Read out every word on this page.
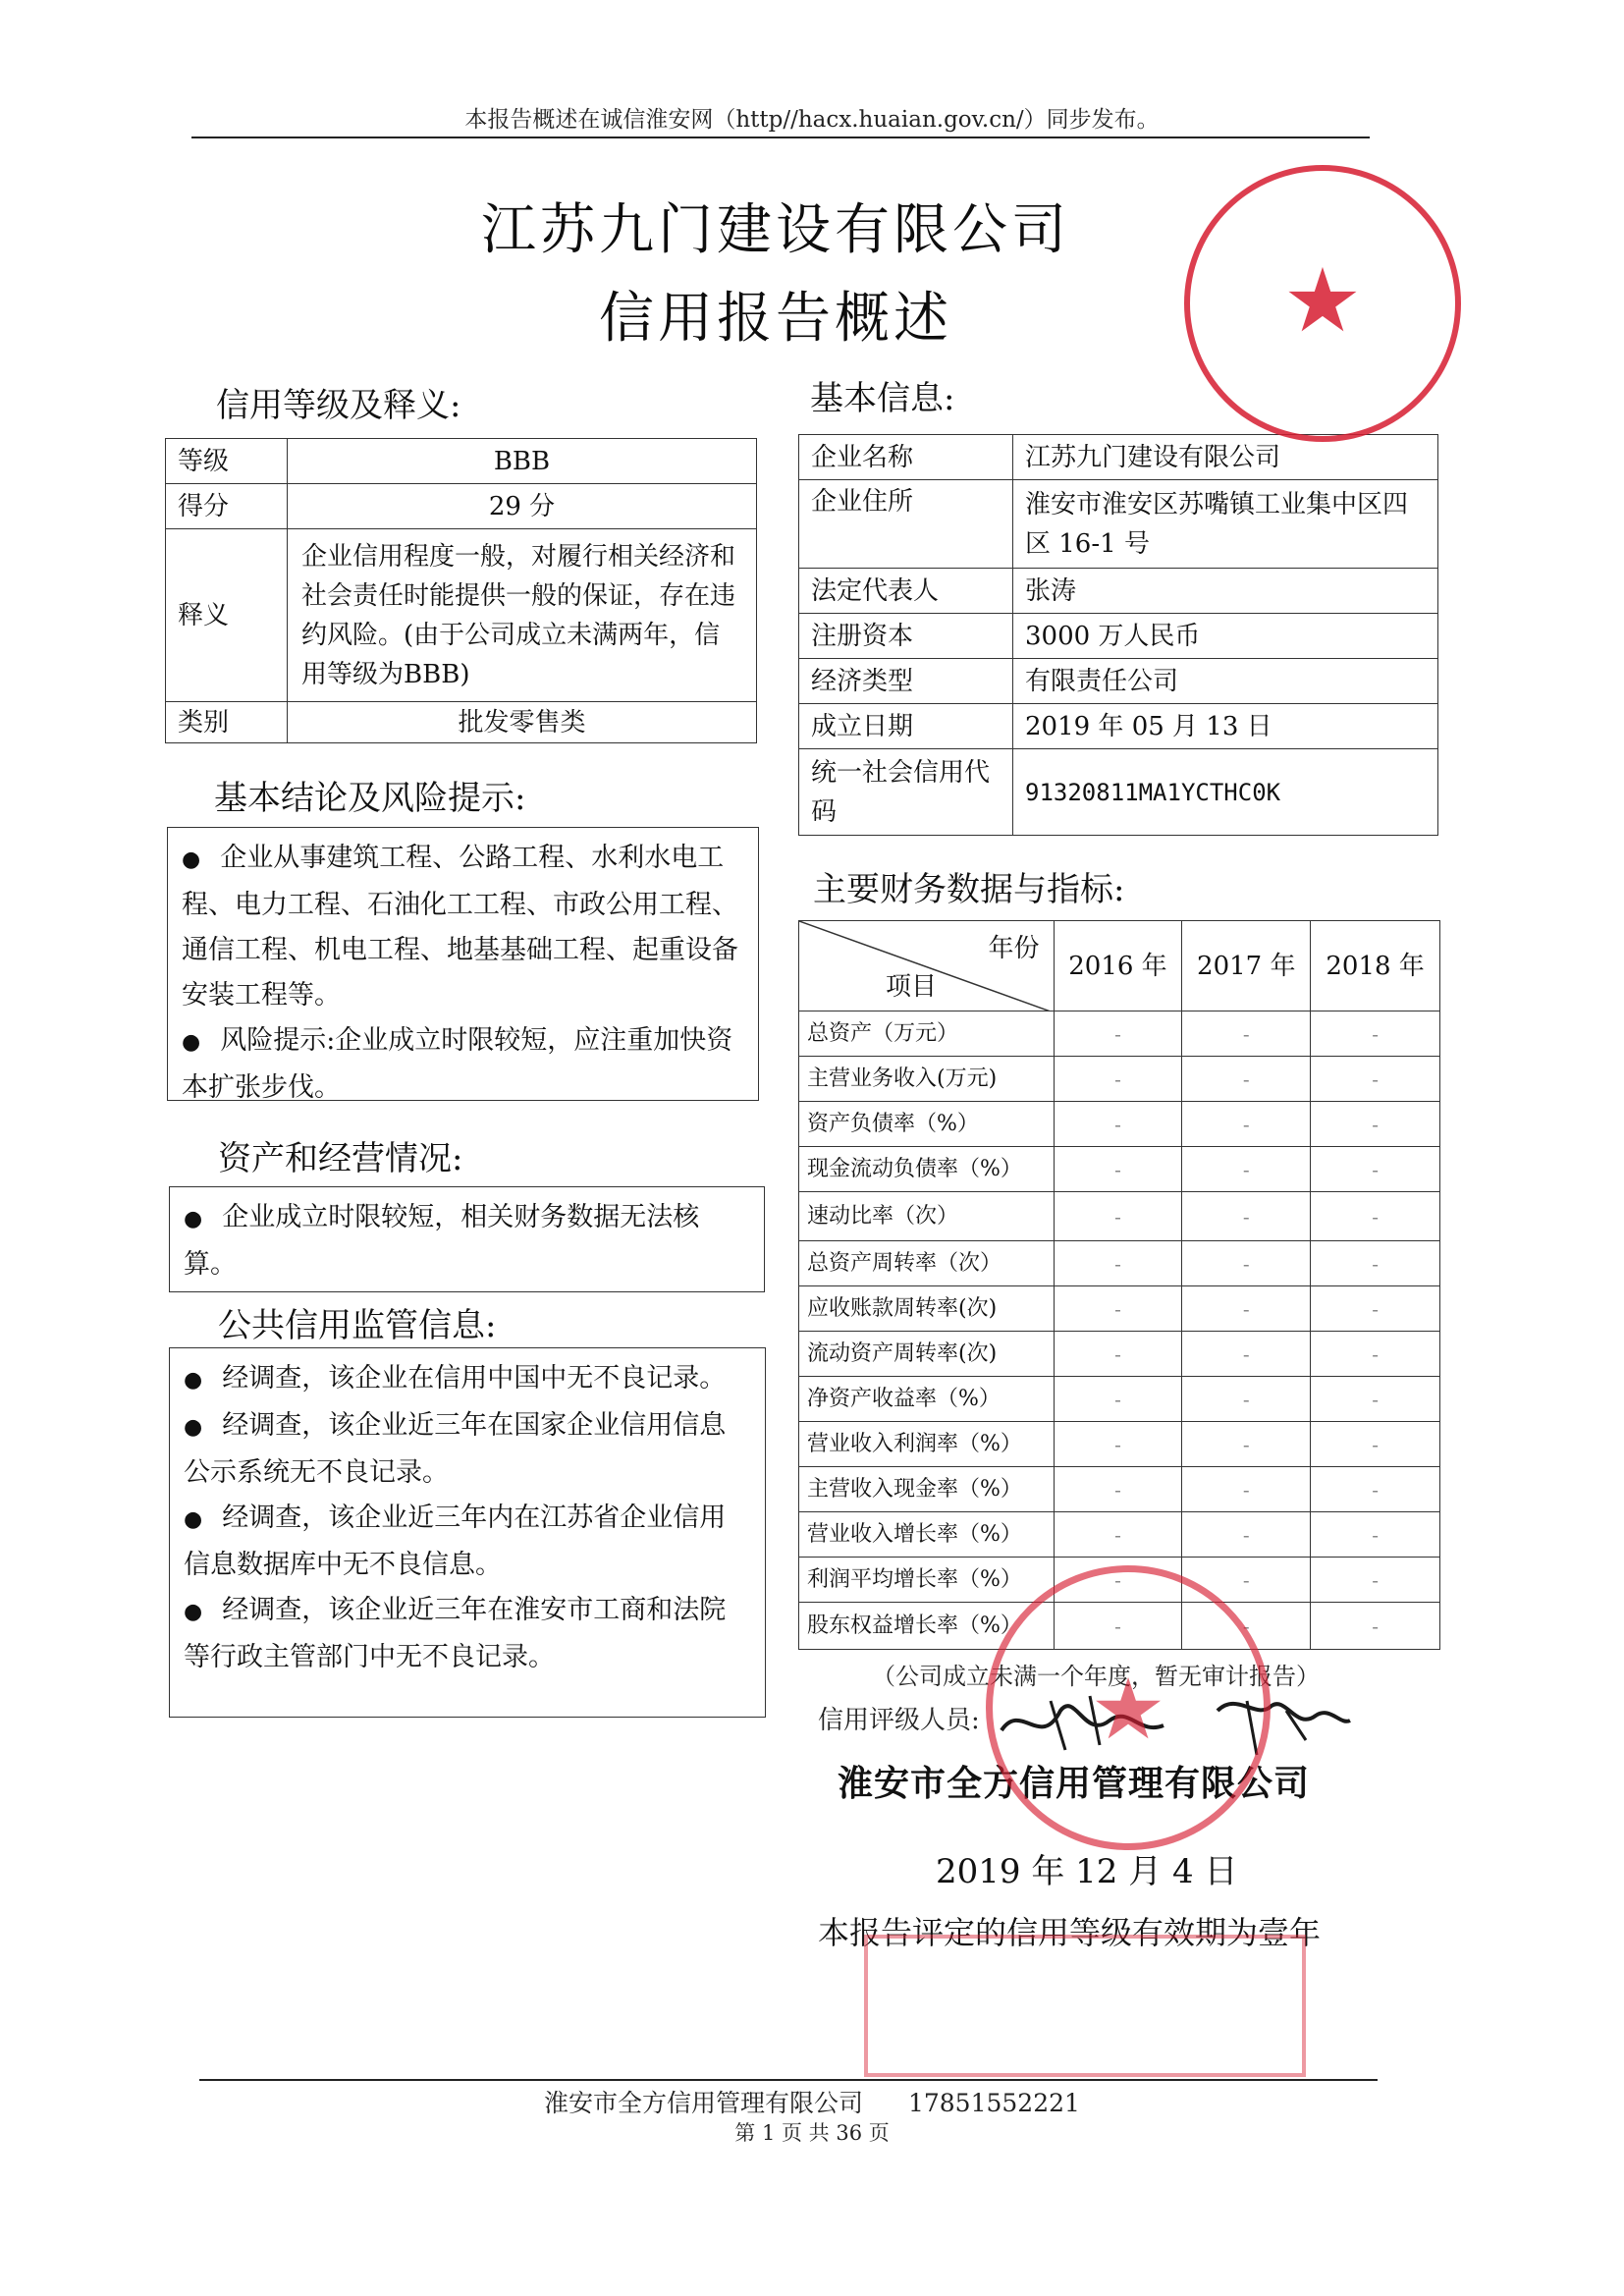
本报告概述在诚信淮安网（http//hacx.huaian.gov.cn/）同步发布。
江苏九门建设有限公司
信用报告概述
信用等级及释义:	基本信息:
等级	BBB
得分	29 分
释义	企业信用程度一般，对履行相关经济和社会责任时能提供一般的保证，存在违约风险。(由于公司成立未满两年，信用等级为BBB)
类别	批发零售类
企业名称	江苏九门建设有限公司
企业住所	淮安市淮安区苏嘴镇工业集中区四区 16-1 号
法定代表人	张涛
注册资本	3000 万人民币
经济类型	有限责任公司
成立日期	2019 年 05 月 13 日
统一社会信用代码	91320811MA1YCTHC0K
基本结论及风险提示:

● 企业从事建筑工程、公路工程、水利水电工程、电力工程、石油化工工程、市政公用工程、通信工程、机电工程、地基基础工程、起重设备安装工程等。

● 风险提示:企业成立时限较短，应注重加快资本扩张步伐。

主要财务数据与指标:
资产和经营情况:

● 企业成立时限较短，相关财务数据无法核算。

公共信用监管信息:

● 经调查，该企业在信用中国中无不良记录。

● 经调查，该企业近三年在国家企业信用信息公示系统无不良记录。

● 经调查，该企业近三年内在江苏省企业信用信息数据库中无不良信息。

● 经调查，该企业近三年在淮安市工商和法院等行政主管部门中无不良记录。

年份
项目	2016 年	2017 年	2018 年
总资产（万元）	-	-	-
主营业务收入(万元)	-	-	-
资产负债率（%）	-	-	-
现金流动负债率（%）	-	-	-
速动比率（次）	-	-	-
总资产周转率（次）	-	-	-
应收账款周转率(次)	-	-	-
流动资产周转率(次)	-	-	-
净资产收益率（%）	-	-	-
营业收入利润率（%）	-	-	-
主营收入现金率（%）	-	-	-
营业收入增长率（%）	-	-	-
利润平均增长率（%）	-	-	-
股东权益增长率（%）	-	-	-
（公司成立未满一个年度，暂无审计报告）
信用评级人员:
淮安市全方信用管理有限公司
2019 年 12 月 4 日
本报告评定的信用等级有效期为壹年
★
★
淮安市全方信用管理有限公司 17851552221
第 1 页 共 36 页
